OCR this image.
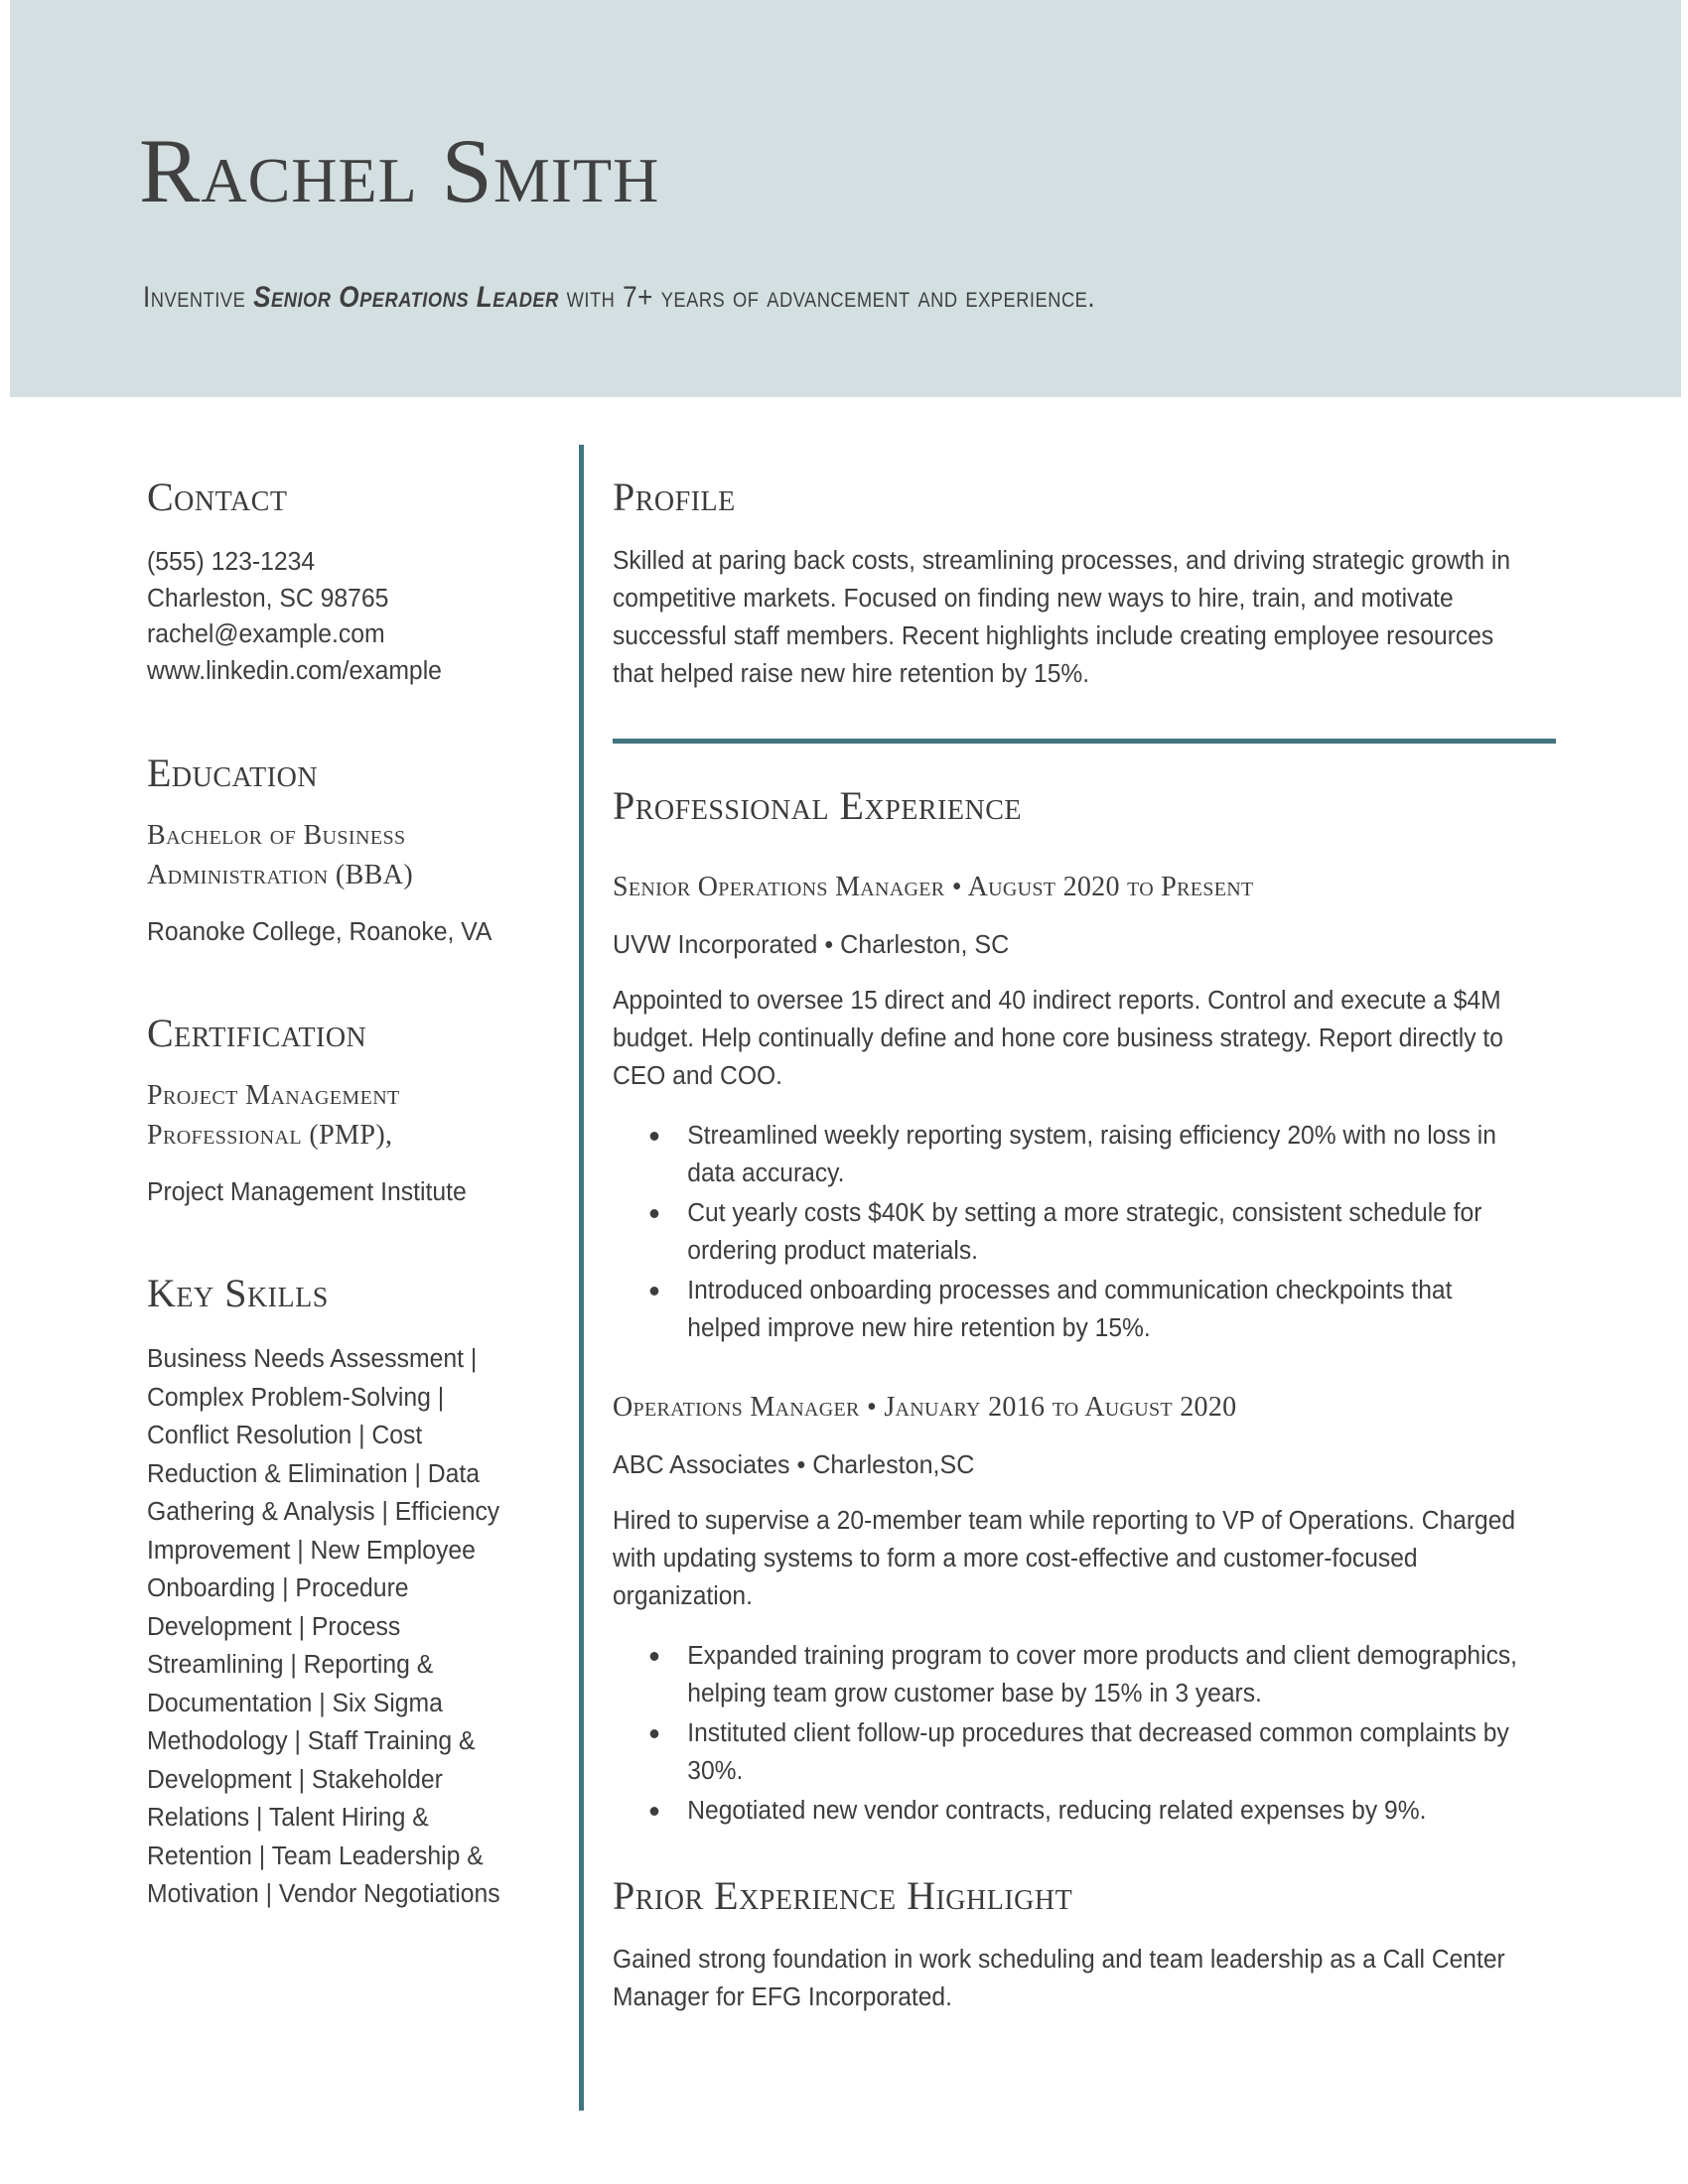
Rachel Smith
Inventive Senior Operations Leader with 7+ years of advancement and experience.
Contact
(555) 123-1234
Charleston, SC 98765
rachel@example.com
www.linkedin.com/example
Education
Bachelor of Business Administration (BBA)
Roanoke College, Roanoke, VA
Certification
Project Management Professional (PMP),
Project Management Institute
Key Skills
Business Needs Assessment | Complex Problem-Solving | Conflict Resolution | Cost Reduction & Elimination | Data Gathering & Analysis | Efficiency Improvement | New Employee Onboarding | Procedure Development | Process Streamlining | Reporting & Documentation | Six Sigma Methodology | Staff Training & Development | Stakeholder Relations | Talent Hiring & Retention | Team Leadership & Motivation | Vendor Negotiations
Profile
Skilled at paring back costs, streamlining processes, and driving strategic growth in competitive markets. Focused on finding new ways to hire, train, and motivate successful staff members. Recent highlights include creating employee resources that helped raise new hire retention by 15%.
Professional Experience
Senior Operations Manager • August 2020 to Present
UVW Incorporated • Charleston, SC
Appointed to oversee 15 direct and 40 indirect reports. Control and execute a $4M budget. Help continually define and hone core business strategy. Report directly to CEO and COO.
Streamlined weekly reporting system, raising efficiency 20% with no loss in data accuracy.
Cut yearly costs $40K by setting a more strategic, consistent schedule for ordering product materials.
Introduced onboarding processes and communication checkpoints that helped improve new hire retention by 15%.
Operations Manager • January 2016 to August 2020
ABC Associates • Charleston,SC
Hired to supervise a 20-member team while reporting to VP of Operations. Charged with updating systems to form a more cost-effective and customer-focused organization.
Expanded training program to cover more products and client demographics, helping team grow customer base by 15% in 3 years.
Instituted client follow-up procedures that decreased common complaints by 30%.
Negotiated new vendor contracts, reducing related expenses by 9%.
Prior Experience Highlight
Gained strong foundation in work scheduling and team leadership as a Call Center Manager for EFG Incorporated.
